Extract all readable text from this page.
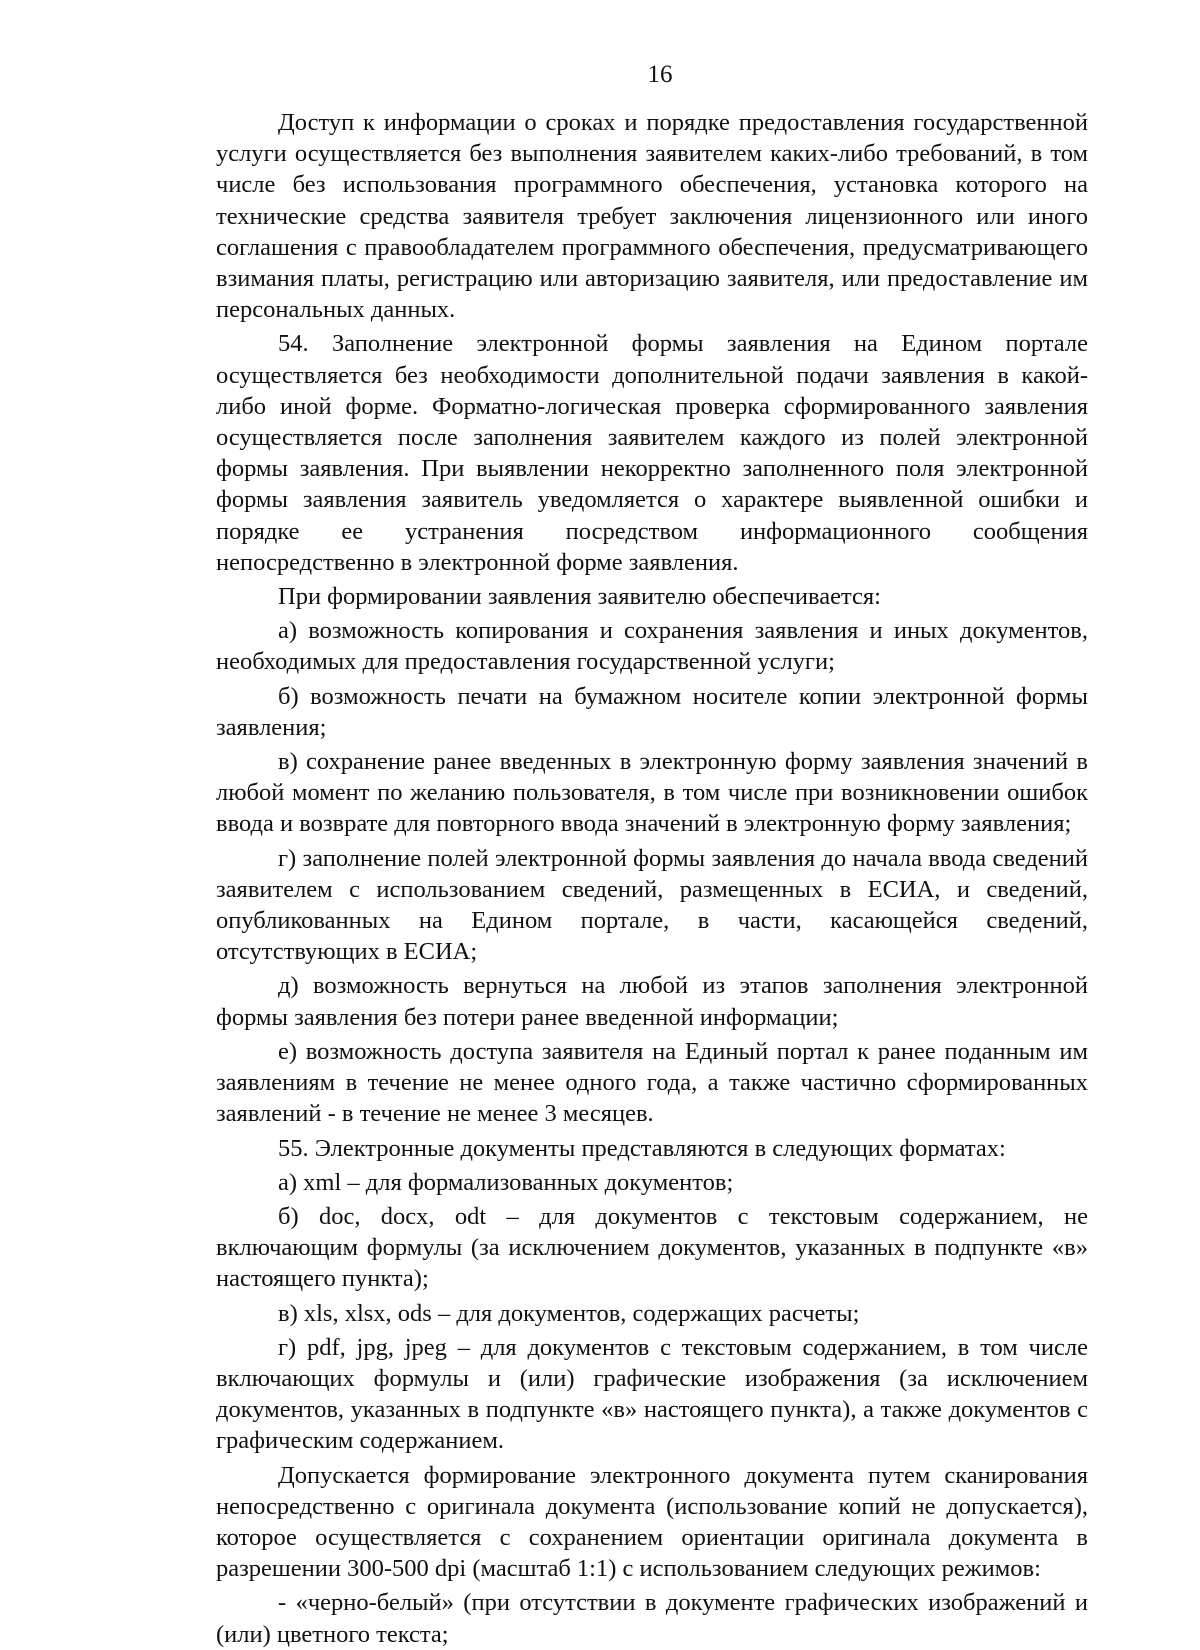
16

Доступ к информации о сроках и порядке предоставления государственной услуги осуществляется без выполнения заявителем каких-либо требований, в том числе без использования программного обеспечения, установка которого на технические средства заявителя требует заключения лицензионного или иного соглашения с правообладателем программного обеспечения, предусматривающего взимания платы, регистрацию или авторизацию заявителя, или предоставление им персональных данных.

54. Заполнение электронной формы заявления на Едином портале осуществляется без необходимости дополнительной подачи заявления в какой-либо иной форме. Форматно-логическая проверка сформированного заявления осуществляется после заполнения заявителем каждого из полей электронной формы заявления. При выявлении некорректно заполненного поля электронной формы заявления заявитель уведомляется о характере выявленной ошибки и порядке ее устранения посредством информационного сообщения непосредственно в электронной форме заявления.

При формировании заявления заявителю обеспечивается:

а) возможность копирования и сохранения заявления и иных документов, необходимых для предоставления государственной услуги;

б) возможность печати на бумажном носителе копии электронной формы заявления;

в) сохранение ранее введенных в электронную форму заявления значений в любой момент по желанию пользователя, в том числе при возникновении ошибок ввода и возврате для повторного ввода значений в электронную форму заявления;

г) заполнение полей электронной формы заявления до начала ввода сведений заявителем с использованием сведений, размещенных в ЕСИА, и сведений, опубликованных на Едином портале, в части, касающейся сведений, отсутствующих в ЕСИА;

д) возможность вернуться на любой из этапов заполнения электронной формы заявления без потери ранее введенной информации;

е) возможность доступа заявителя на Единый портал к ранее поданным им заявлениям в течение не менее одного года, а также частично сформированных заявлений - в течение не менее 3 месяцев.

55. Электронные документы представляются в следующих форматах:

а) xml – для формализованных документов;

б) doc, docx, odt – для документов с текстовым содержанием, не включающим формулы (за исключением документов, указанных в подпункте «в» настоящего пункта);

в) xls, xlsx, ods – для документов, содержащих расчеты;

г) pdf, jpg, jpeg – для документов с текстовым содержанием, в том числе включающих формулы и (или) графические изображения (за исключением документов, указанных в подпункте «в» настоящего пункта), а также документов с графическим содержанием.

Допускается формирование электронного документа путем сканирования непосредственно с оригинала документа (использование копий не допускается), которое осуществляется с сохранением ориентации оригинала документа в разрешении 300-500 dpi (масштаб 1:1) с использованием следующих режимов:

- «черно-белый» (при отсутствии в документе графических изображений и (или) цветного текста;
